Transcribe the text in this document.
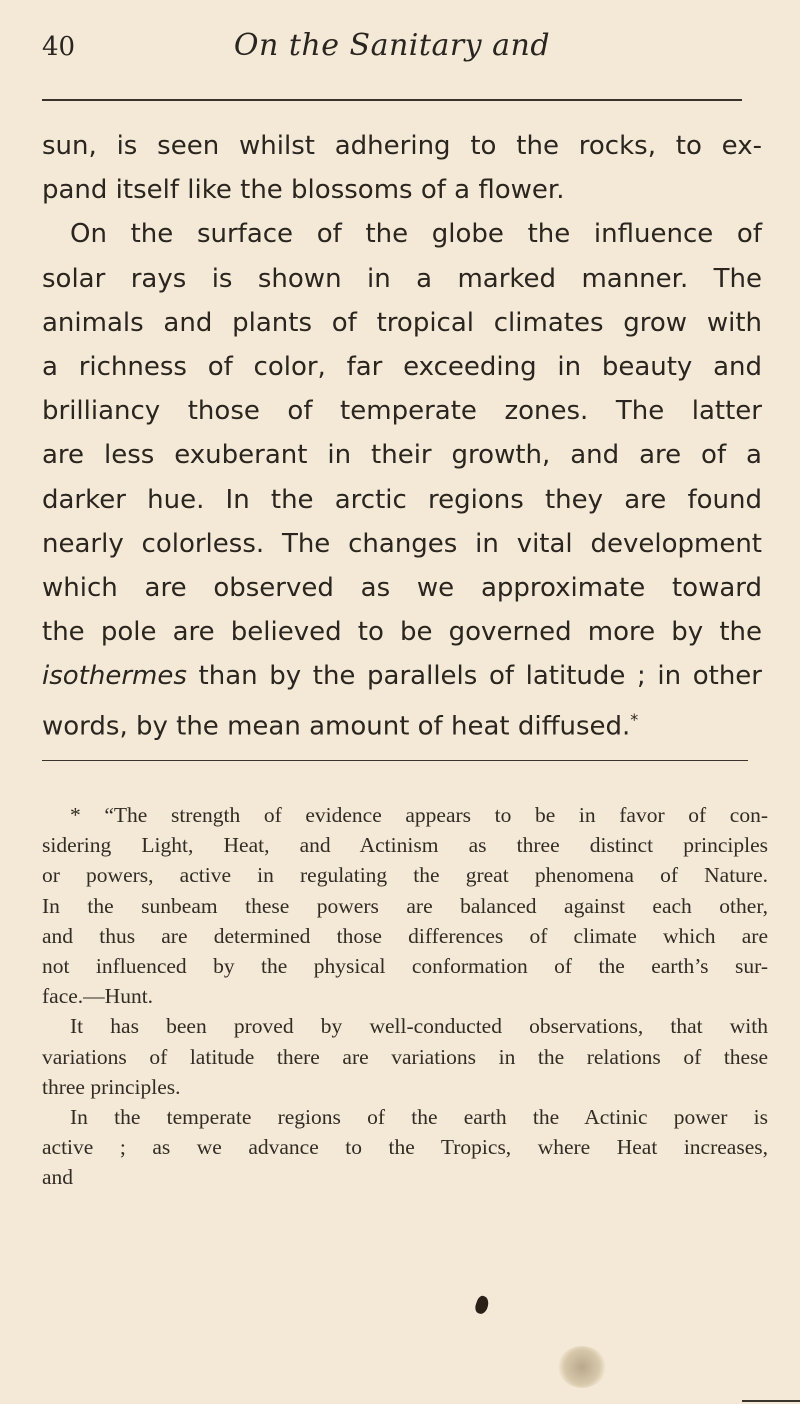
40	On the Sanitary and
sun, is seen whilst adhering to the rocks, to ex-
pand itself like the blossoms of a flower.
On the surface of the globe the influence of
solar rays is shown in a marked manner. The
animals and plants of tropical climates grow with
a richness of color, far exceeding in beauty and
brilliancy those of temperate zones. The latter
are less exuberant in their growth, and are of a
darker hue. In the arctic regions they are found
nearly colorless. The changes in vital development
which are observed as we approximate toward
the pole are believed to be governed more by the
isothermes than by the parallels of latitude ; in other
words, by the mean amount of heat diffused.*
* “The strength of evidence appears to be in favor of con-
sidering Light, Heat, and Actinism as three distinct principles
or powers, active in regulating the great phenomena of Nature.
In the sunbeam these powers are balanced against each other,
and thus are determined those differences of climate which are
not influenced by the physical conformation of the earth’s sur-
face.—Hunt.
It has been proved by well-conducted observations, that with
variations of latitude there are variations in the relations of these
three principles.
In the temperate regions of the earth the Actinic power is
active ; as we advance to the Tropics, where Heat increases,
and
